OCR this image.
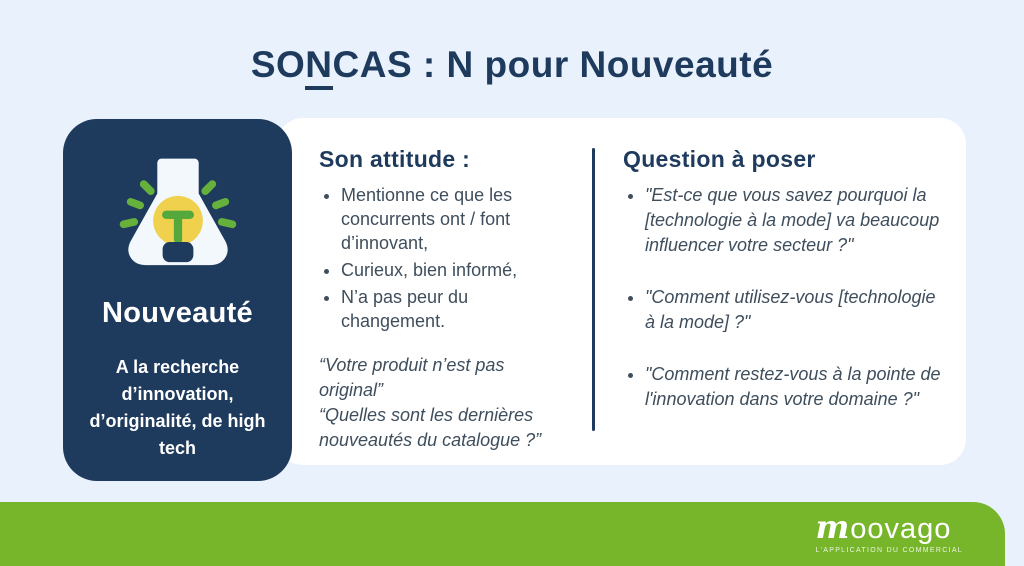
SONCAS : N pour Nouveauté
Son attitude :
• Mentionne ce que les concurrents ont / font d’innovant,
• Curieux, bien informé,
• N’a pas peur du changement.
“Votre produit n’est pas original”
“Quelles sont les dernières nouveautés du catalogue ?”
Question à poser
• "Est-ce que vous savez pourquoi la [technologie à la mode] va beaucoup influencer votre secteur ?"
• "Comment utilisez-vous [technologie à la mode] ?"
• "Comment restez-vous à la pointe de l'innovation dans votre domaine ?"
Nouveauté
A la recherche d’innovation, d’originalité, de high tech
moovago
L'APPLICATION DU COMMERCIAL
